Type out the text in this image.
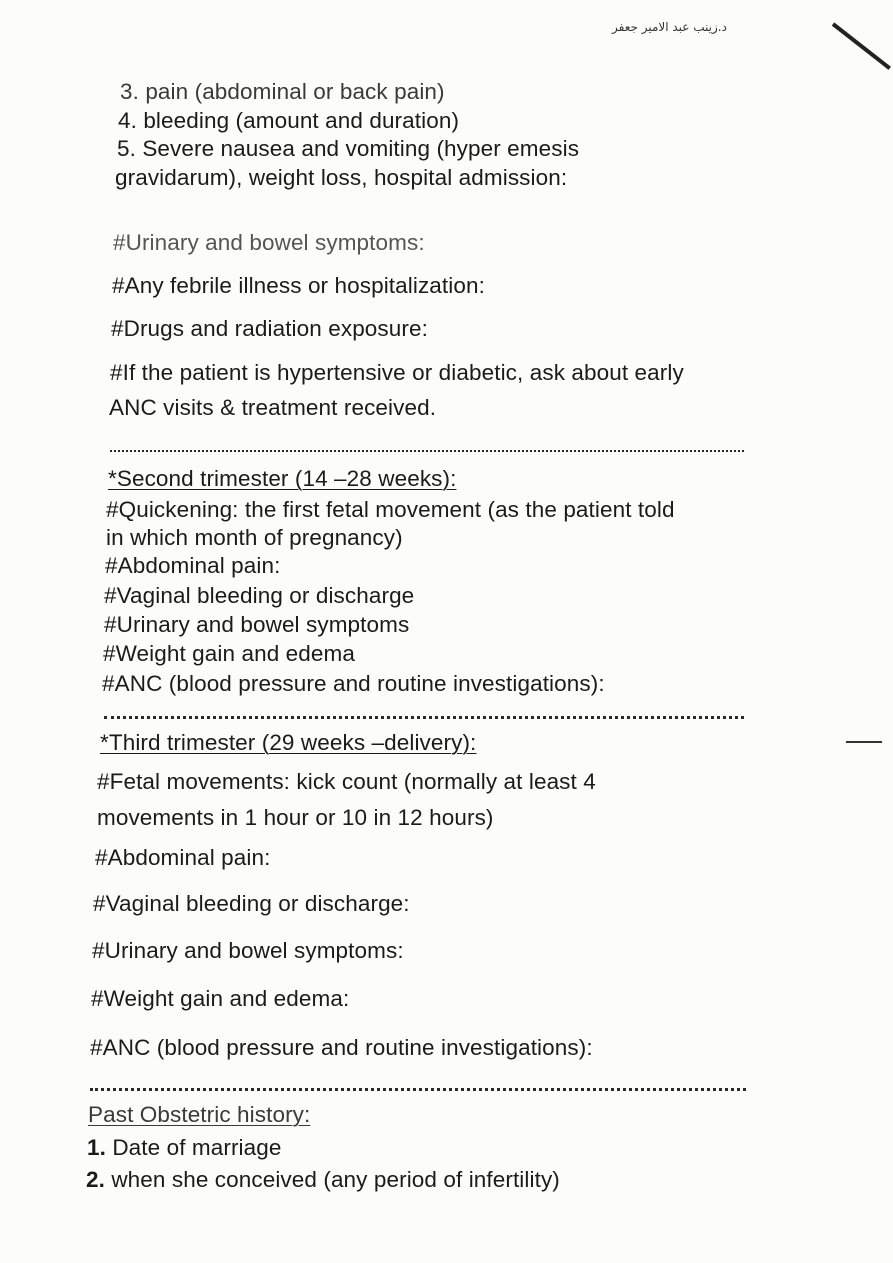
د.زينب عبد الامير جعفر
3. pain (abdominal or back pain)
4. bleeding (amount and duration)
5. Severe nausea and vomiting (hyper emesis
gravidarum), weight loss, hospital admission:
#Urinary and bowel symptoms:
#Any febrile illness or hospitalization:
#Drugs and radiation exposure:
#If the patient is hypertensive or diabetic, ask about early
ANC visits & treatment received.
*Second trimester (14 –28 weeks):
#Quickening: the first fetal movement (as the patient told
in which month of pregnancy)
#Abdominal pain:
#Vaginal bleeding or discharge
#Urinary and bowel symptoms
#Weight gain and edema
#ANC (blood pressure and routine investigations):
*Third trimester (29 weeks –delivery):
#Fetal movements: kick count (normally at least 4
movements in 1 hour or 10 in 12 hours)
#Abdominal pain:
#Vaginal bleeding or discharge:
#Urinary and bowel symptoms:
#Weight gain and edema:
#ANC (blood pressure and routine investigations):
Past Obstetric history:
1. Date of marriage
2. when she conceived (any period of infertility)
